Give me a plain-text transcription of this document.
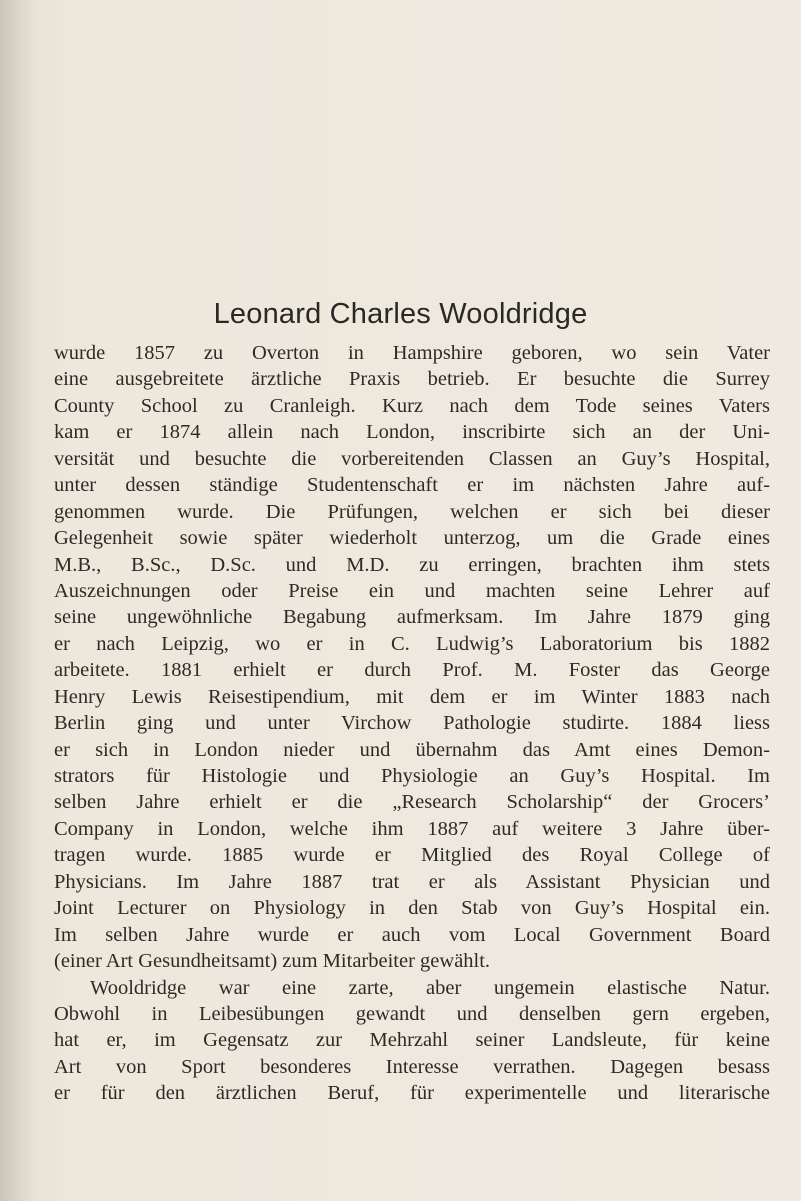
Leonard Charles Wooldridge
wurde 1857 zu Overton in Hampshire geboren, wo sein Vater
eine ausgebreitete ärztliche Praxis betrieb. Er besuchte die Surrey
County School zu Cranleigh. Kurz nach dem Tode seines Vaters
kam er 1874 allein nach London, inscribirte sich an der Uni-
versität und besuchte die vorbereitenden Classen an Guy’s Hospital,
unter dessen ständige Studentenschaft er im nächsten Jahre auf-
genommen wurde. Die Prüfungen, welchen er sich bei dieser
Gelegenheit sowie später wiederholt unterzog, um die Grade eines
M.B., B.Sc., D.Sc. und M.D. zu erringen, brachten ihm stets
Auszeichnungen oder Preise ein und machten seine Lehrer auf
seine ungewöhnliche Begabung aufmerksam. Im Jahre 1879 ging
er nach Leipzig, wo er in C. Ludwig’s Laboratorium bis 1882
arbeitete. 1881 erhielt er durch Prof. M. Foster das George
Henry Lewis Reisestipendium, mit dem er im Winter 1883 nach
Berlin ging und unter Virchow Pathologie studirte. 1884 liess
er sich in London nieder und übernahm das Amt eines Demon-
strators für Histologie und Physiologie an Guy’s Hospital. Im
selben Jahre erhielt er die „Research Scholarship“ der Grocers’
Company in London, welche ihm 1887 auf weitere 3 Jahre über-
tragen wurde. 1885 wurde er Mitglied des Royal College of
Physicians. Im Jahre 1887 trat er als Assistant Physician und
Joint Lecturer on Physiology in den Stab von Guy’s Hospital ein.
Im selben Jahre wurde er auch vom Local Government Board
(einer Art Gesundheitsamt) zum Mitarbeiter gewählt.
Wooldridge war eine zarte, aber ungemein elastische Natur.
Obwohl in Leibesübungen gewandt und denselben gern ergeben,
hat er, im Gegensatz zur Mehrzahl seiner Landsleute, für keine
Art von Sport besonderes Interesse verrathen. Dagegen besass
er für den ärztlichen Beruf, für experimentelle und literarische
